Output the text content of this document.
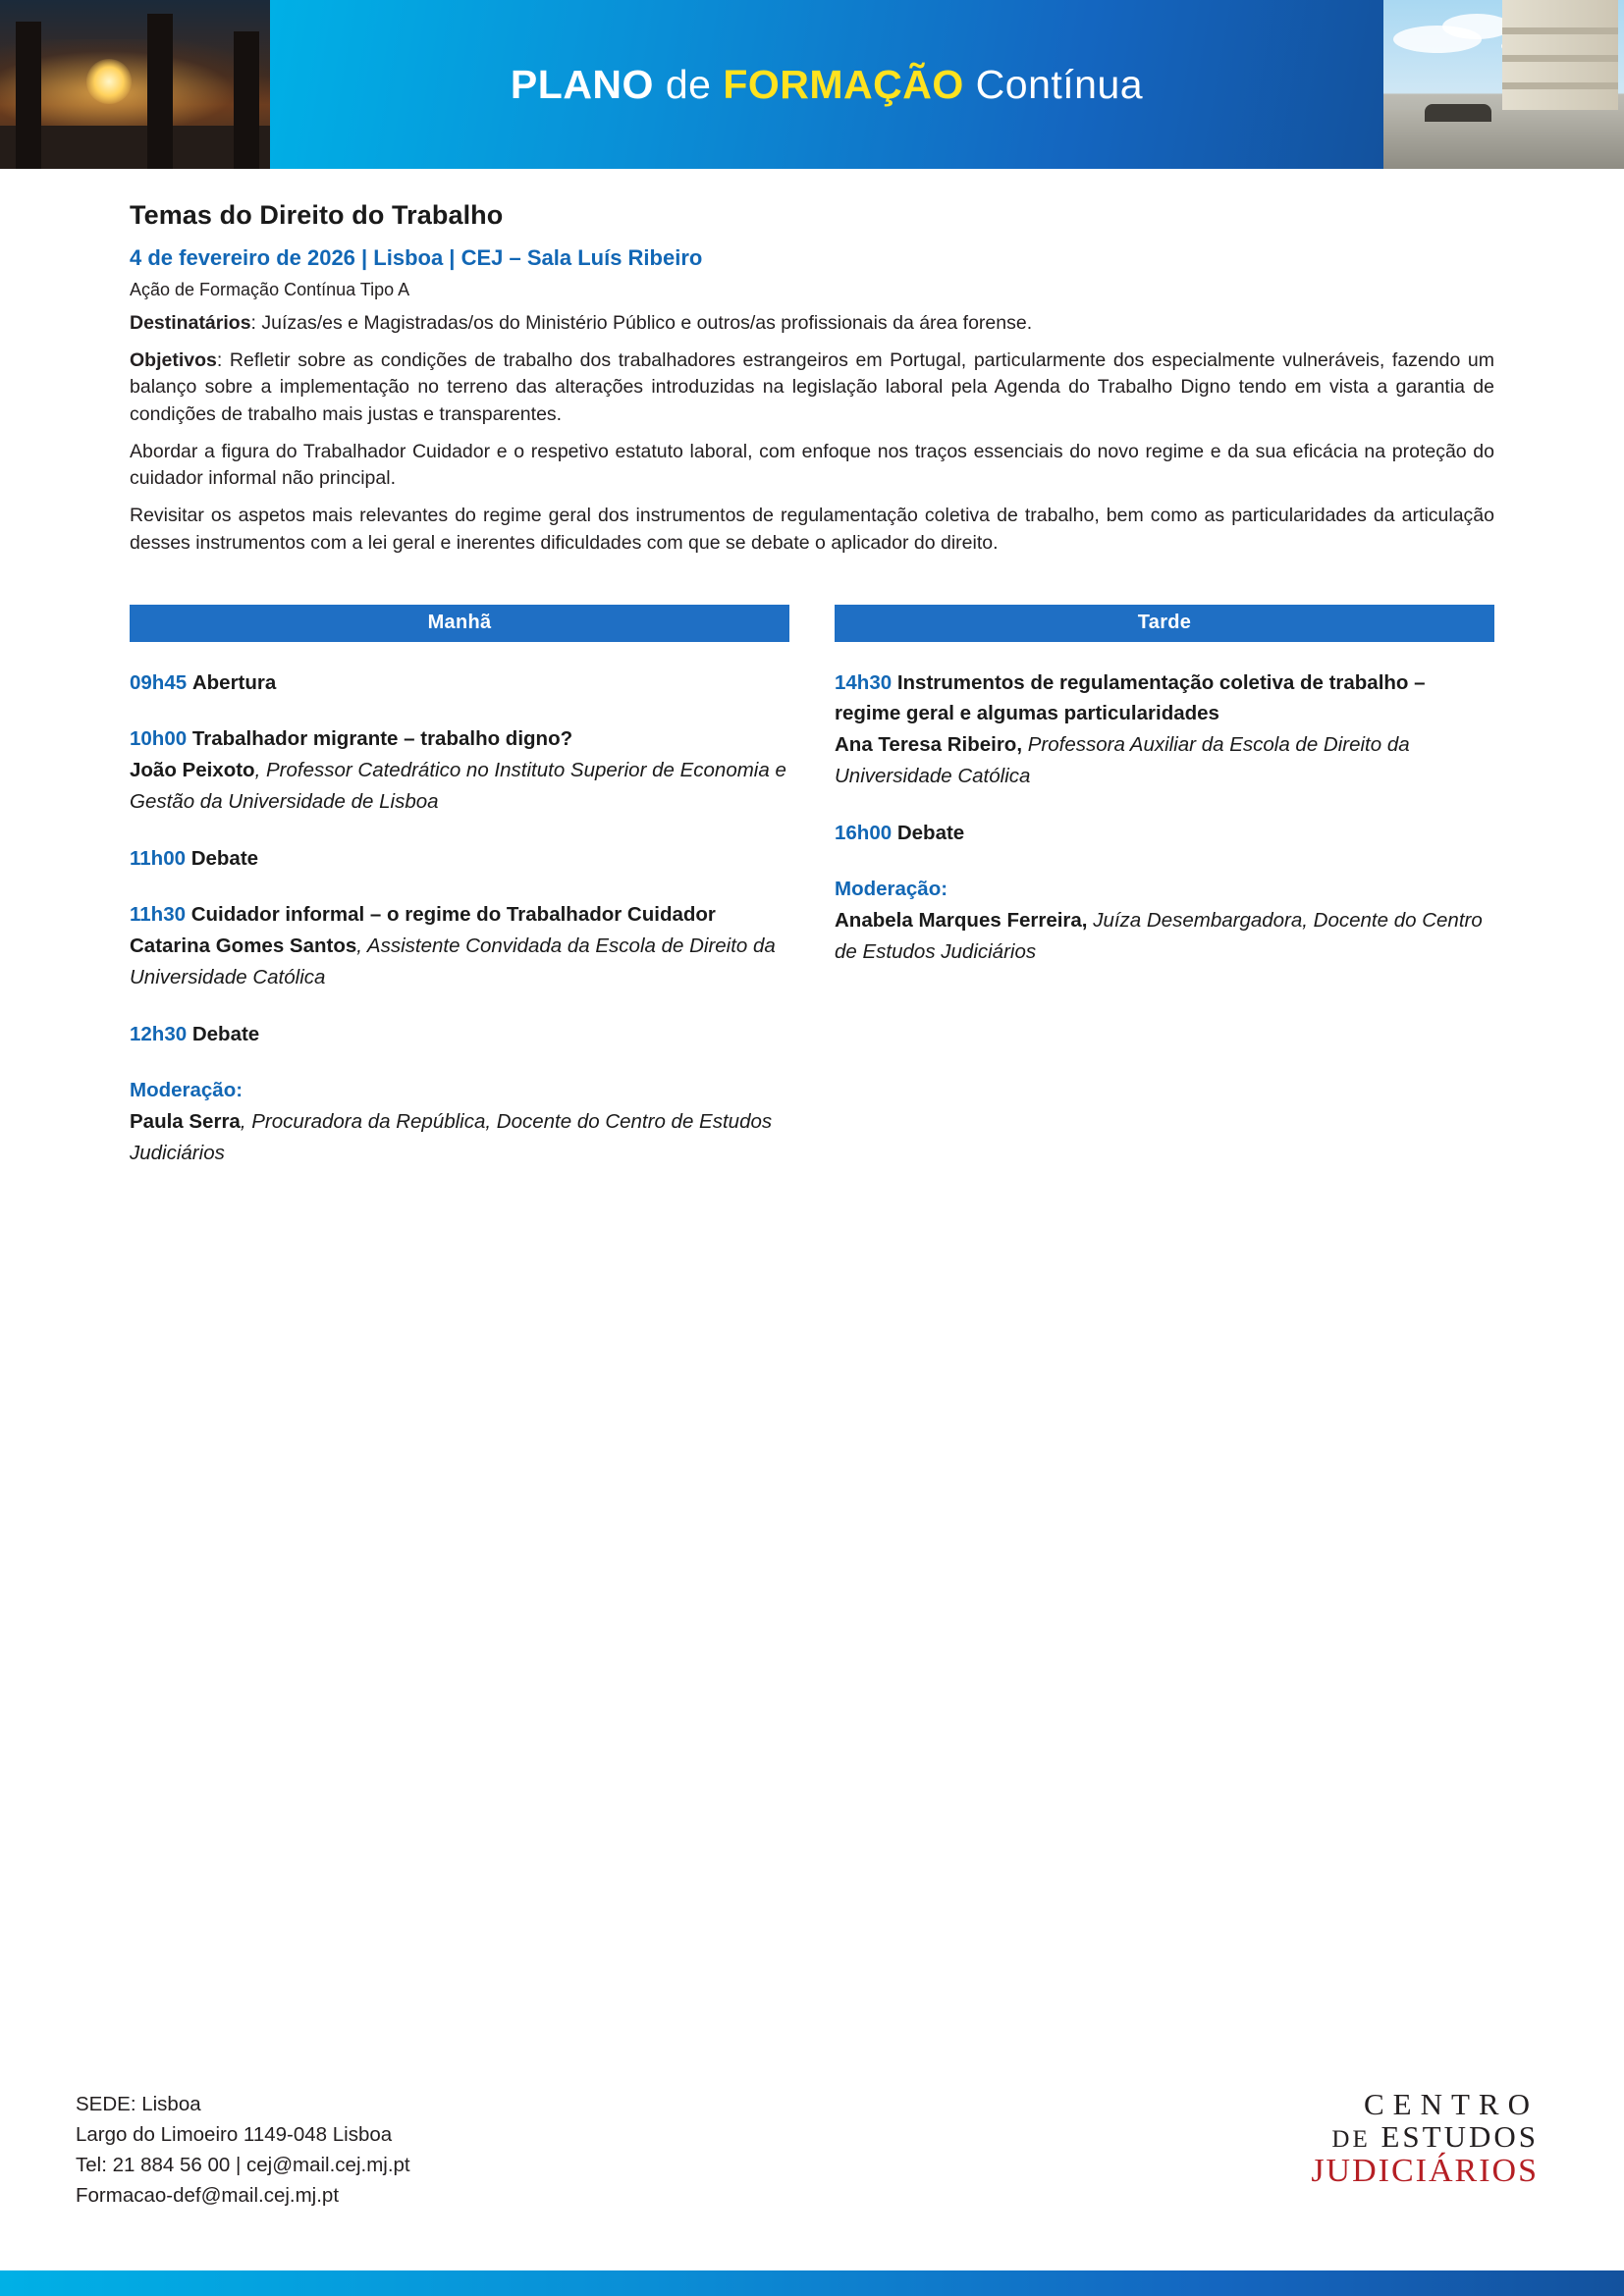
PLANO de FORMAÇÃO Contínua
Temas do Direito do Trabalho
4 de fevereiro de 2026 | Lisboa | CEJ – Sala Luís Ribeiro
Ação de Formação Contínua Tipo A
Destinatários: Juízas/es e Magistradas/os do Ministério Público e outros/as profissionais da área forense.
Objetivos: Refletir sobre as condições de trabalho dos trabalhadores estrangeiros em Portugal, particularmente dos especialmente vulneráveis, fazendo um balanço sobre a implementação no terreno das alterações introduzidas na legislação laboral pela Agenda do Trabalho Digno tendo em vista a garantia de condições de trabalho mais justas e transparentes.
Abordar a figura do Trabalhador Cuidador e o respetivo estatuto laboral, com enfoque nos traços essenciais do novo regime e da sua eficácia na proteção do cuidador informal não principal.
Revisitar os aspetos mais relevantes do regime geral dos instrumentos de regulamentação coletiva de trabalho, bem como as particularidades da articulação desses instrumentos com a lei geral e inerentes dificuldades com que se debate o aplicador do direito.
Manhã
09h45 Abertura
10h00 Trabalhador migrante – trabalho digno?
João Peixoto, Professor Catedrático no Instituto Superior de Economia e Gestão da Universidade de Lisboa
11h00 Debate
11h30 Cuidador informal – o regime do Trabalhador Cuidador
Catarina Gomes Santos, Assistente Convidada da Escola de Direito da Universidade Católica
12h30 Debate
Moderação:
Paula Serra, Procuradora da República, Docente do Centro de Estudos Judiciários
Tarde
14h30 Instrumentos de regulamentação coletiva de trabalho – regime geral e algumas particularidades
Ana Teresa Ribeiro, Professora Auxiliar da Escola de Direito da Universidade Católica
16h00 Debate
Moderação:
Anabela Marques Ferreira, Juíza Desembargadora, Docente do Centro de Estudos Judiciários
SEDE: Lisboa
Largo do Limoeiro 1149-048 Lisboa
Tel: 21 884 56 00 | cej@mail.cej.mj.pt
Formacao-def@mail.cej.mj.pt
CENTRO
DE ESTUDOS
JUDICIÁRIOS
